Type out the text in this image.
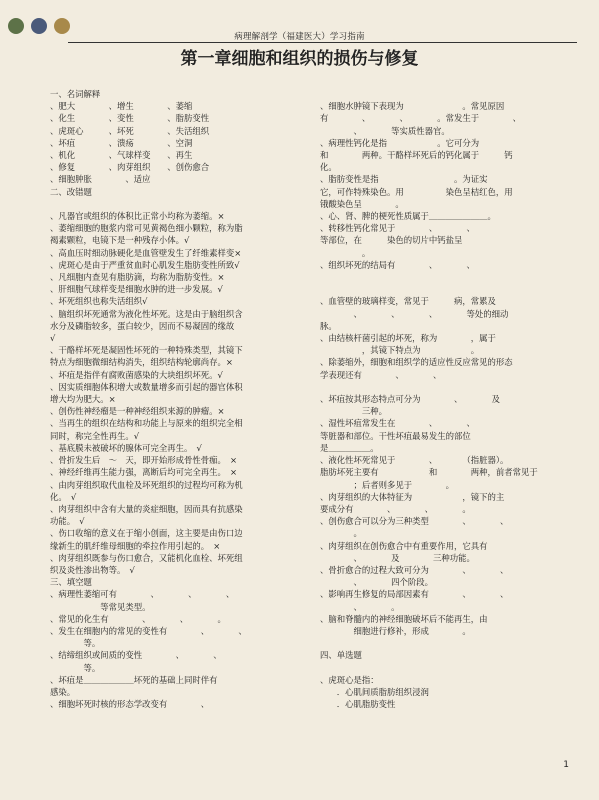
病理解剖学（福建医大）学习指南
第一章细胞和组织的损伤与修复
一、名词解释
、肥大　　　　、增生　　　　、萎缩
、化生　　　　、变性　　　　、脂肪变性
、虎斑心　　　、坏死　　　　、失活组织
、坏疽　　　　、溃疡　　　　、空洞
、机化　　　　、气球样变　　、再生
、修复　　　　、肉芽组织　　、创伤愈合
、细胞肿胀　　　　、适应
二、改错题

、凡器官或组织的体积比正常小均称为萎缩。×
、萎缩细胞的胞浆内常可见黄褐色细小颗粒，称为脂
褐素颗粒，电镜下是一种残存小体。√
、高血压时细动脉硬化是血管壁发生了纤维素样变×
、虎斑心是由于严重贫血时心肌发生脂肪变性所致√
、凡细胞内查见有脂肪滴，均称为脂肪变性。×
、肝细胞气球样变是细胞水肿的进一步发展。√
、坏死组织也称失活组织√
、脑组织坏死通常为液化性坏死。这是由于脑组织含
水分及磷脂较多，蛋白较少，因而不易凝固的缘故
√
、干酪样坏死是凝固性坏死的一种特殊类型，其镜下
特点为细胞微细结构消失，组织结构轮廓尚存。×
、坏疽是指伴有腐败菌感染的大块组织坏死。√
、因实质细胞体积增大或数量增多而引起的器官体积
增大均为肥大。×
、创伤性神经瘤是一种神经组织来源的肿瘤。×
、当再生的组织在结构和功能上与原来的组织完全相
同时，称完全性再生。√
、基底膜未被破坏的腺体可完全再生。　√
、骨折发生后　～　天，即开始形成骨性骨痂。　×
、神经纤维再生能力强，离断后均可完全再生。　×
、由肉芽组织取代血栓及坏死组织的过程均可称为机
化。　√
、肉芽组织中含有大量的炎症细胞，因而具有抗感染
功能。　√
、伤口收缩的意义在于缩小创面，这主要是由伤口边
缘新生的肌纤维母细胞的牵拉作用引起的。　×
、肉芽组织既参与伤口愈合，又能机化血栓、坏死组
织及炎性渗出物等。　√
三、填空题
、病理性萎缩可有　　　　、　　　　、　　　　、
　　　　　　等常见类型。
、常见的化生有　　　　、　　　　、　　　　。
、发生在细胞内的常见的变性有　　　　、　　　　、
　　　　等。
、结缔组织或间质的变性　　　　、　　　　、
　　　　等。
、坏疽是＿＿＿＿＿＿坏死的基础上同时伴有
感染。
、细胞坏死时核的形态学改变有　　　　、

、细胞水肿镜下表现为　　　　　　　。常见原因
有　　　　、　　　　、　　　　。常发生于　　　　、
　　　　、　　　　等实质性器官。
、病理性钙化是指　　　　　　。它可分为
和　　　　两种。干酪样坏死后的钙化属于　　　钙
化。
、脂肪变性是指　　　　　　　　　。为证实
它，可作特殊染色。用　　　　　染色呈桔红色，用
锇酸染色呈　　　　。
、心、肾、脾的梗死性质属于＿＿＿＿＿＿＿。
、转移性钙化常见于　　　　、　　　　、　　　　
等部位，在　　　染色的切片中钙盐呈
　　　　　。
、组织坏死的结局有　　　　、　　　　、　　　　

、血管壁的玻璃样变，常见于　　　病，常累及
　　　　、　　　　、　　　　、　　　　等处的细动
脉。
、由结核杆菌引起的坏死，称为　　　　，属于
　　　　　，其镜下特点为　　　　　　。
、除萎缩外，细胞和组织学的适应性反应常见的形态
学表现还有　　　　、　　　　、　　　　

、坏疽按其形态特点可分为　　　　、　　　　及
　　　　　三种。
、湿性坏疽常发生在　　　　、　　　　、　　　　
等脏器和部位。干性坏疽最易发生的部位
是＿＿＿＿＿。
、液化性坏死常见于　　　　、　　　　（指脏器）。
脂肪坏死主要有　　　　　　和　　　　两种，前者常见于
　　　　；后者则多见于　　　　。
、肉芽组织的大体特征为　　　　　　，镜下的主
要成分有　　　　、　　　　、　　　　。
、创伤愈合可以分为三种类型　　　　、　　　　、
　　　　。
、肉芽组织在创伤愈合中有重要作用，它具有
　　　　、　　　　及　　　　三种功能。
、骨折愈合的过程大致可分为　　　　、　　　　、
　　　　、　　　　四个阶段。
、影响再生修复的局部因素有　　　　、　　　　、
　　　　、　　　　。
、脑和脊髓内的神经细胞破坏后不能再生，由
　　　　细胞进行修补，形成　　　　。

四、单选题

、虎斑心是指：
　　．心肌间质脂肪组织浸润
　　．心肌脂肪变性
1
